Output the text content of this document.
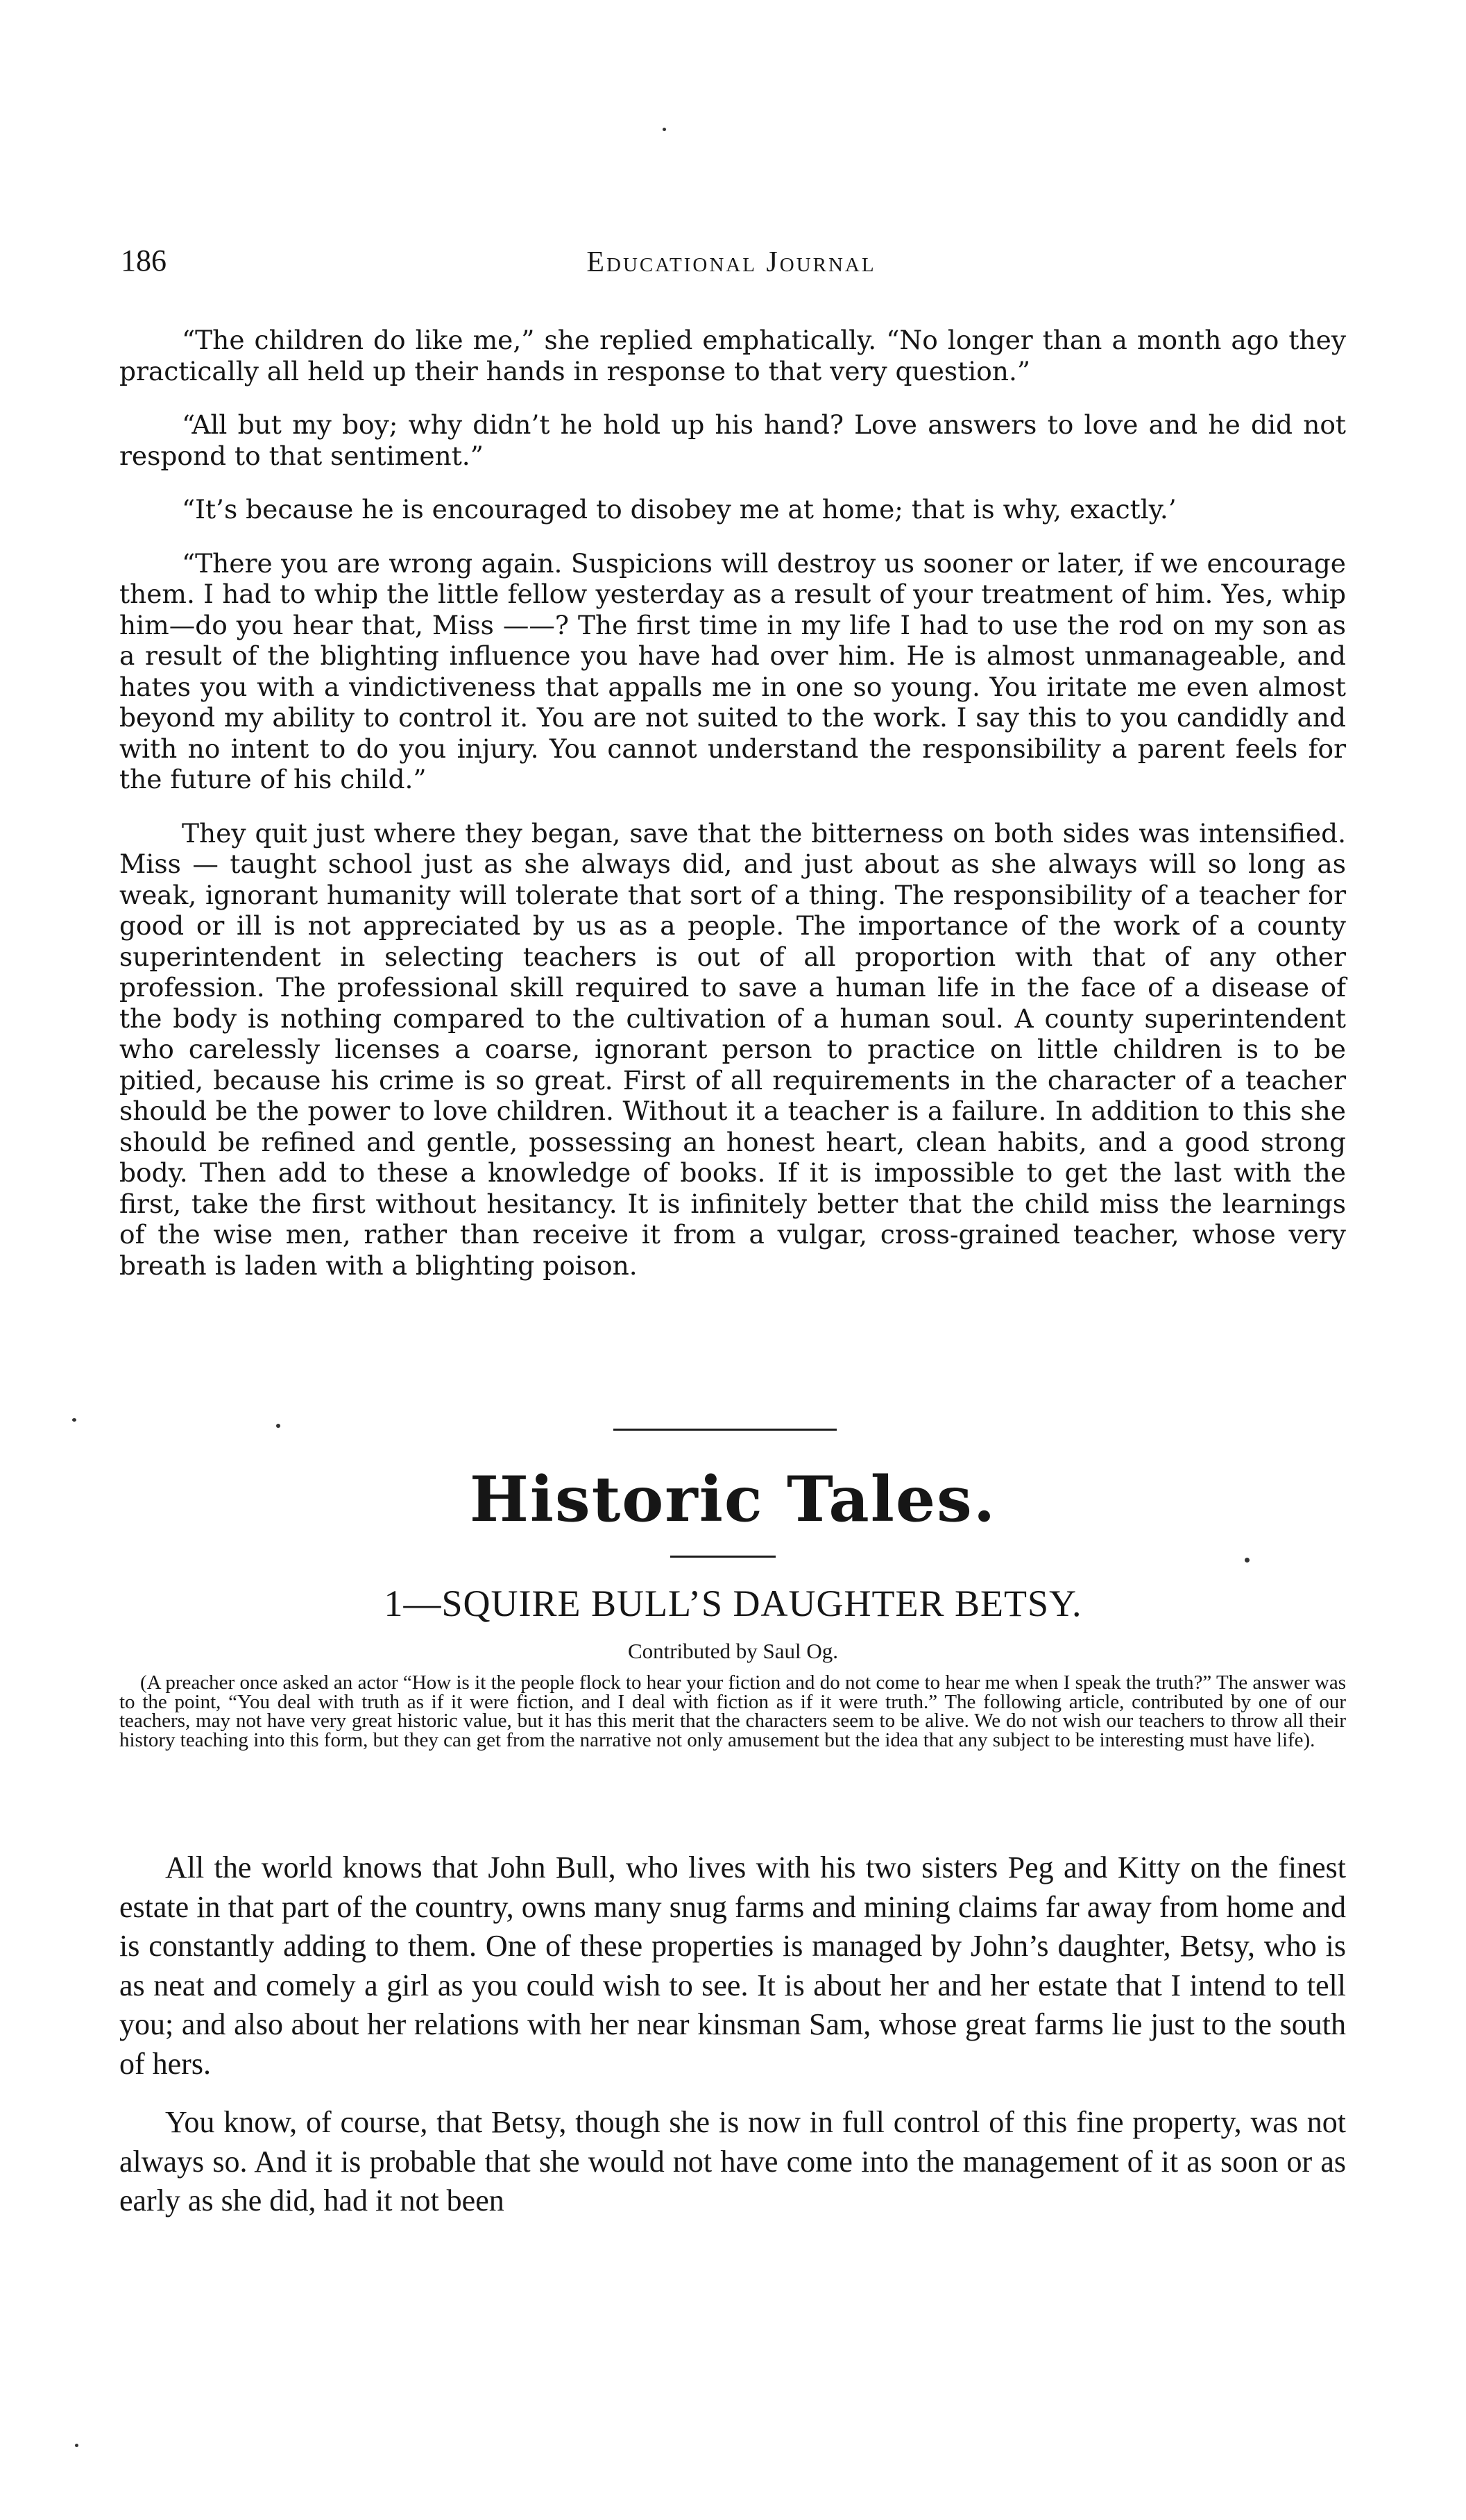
186	Educational Journal

“The children do like me,” she replied emphatically. “No longer than a month ago they practically all held up their hands in response to that very question.”

“All but my boy; why didn’t he hold up his hand? Love answers to love and he did not respond to that sentiment.”

“It’s because he is encouraged to disobey me at home; that is why, exactly.’

“There you are wrong again. Suspicions will destroy us sooner or later, if we encourage them. I had to whip the little fellow yesterday as a result of your treatment of him. Yes, whip him—do you hear that, Miss ——? The first time in my life I had to use the rod on my son as a result of the blighting influence you have had over him. He is almost unmanageable, and hates you with a vindictiveness that appalls me in one so young. You iritate me even almost beyond my ability to control it. You are not suited to the work. I say this to you candidly and with no intent to do you injury. You cannot understand the responsibility a parent feels for the future of his child.”

They quit just where they began, save that the bitterness on both sides was intensified. Miss — taught school just as she always did, and just about as she always will so long as weak, ignorant humanity will tolerate that sort of a thing. The responsibility of a teacher for good or ill is not appreciated by us as a people. The importance of the work of a county superintendent in selecting teachers is out of all proportion with that of any other profession. The professional skill required to save a human life in the face of a disease of the body is nothing compared to the cultivation of a human soul. A county superintendent who carelessly licenses a coarse, ignorant person to practice on little children is to be pitied, because his crime is so great. First of all requirements in the character of a teacher should be the power to love children. Without it a teacher is a failure. In addition to this she should be refined and gentle, possessing an honest heart, clean habits, and a good strong body. Then add to these a knowledge of books. If it is impossible to get the last with the first, take the first without hesitancy. It is infinitely better that the child miss the learnings of the wise men, rather than receive it from a vulgar, cross-grained teacher, whose very breath is laden with a blighting poison.

Historic Tales.
1—SQUIRE BULL’S DAUGHTER BETSY.
Contributed by Saul Og.

(A preacher once asked an actor “How is it the people flock to hear your fiction and do not come to hear me when I speak the truth?” The answer was to the point, “You deal with truth as if it were fiction, and I deal with fiction as if it were truth.” The following article, contributed by one of our teachers, may not have very great historic value, but it has this merit that the characters seem to be alive. We do not wish our teachers to throw all their history teaching into this form, but they can get from the narrative not only amusement but the idea that any subject to be interesting must have life).

All the world knows that John Bull, who lives with his two sisters Peg and Kitty on the finest estate in that part of the country, owns many snug farms and mining claims far away from home and is constantly adding to them. One of these properties is managed by John’s daughter, Betsy, who is as neat and comely a girl as you could wish to see. It is about her and her estate that I intend to tell you; and also about her relations with her near kinsman Sam, whose great farms lie just to the south of hers.

You know, of course, that Betsy, though she is now in full control of this fine property, was not always so. And it is probable that she would not have come into the management of it as soon or as early as she did, had it not been
